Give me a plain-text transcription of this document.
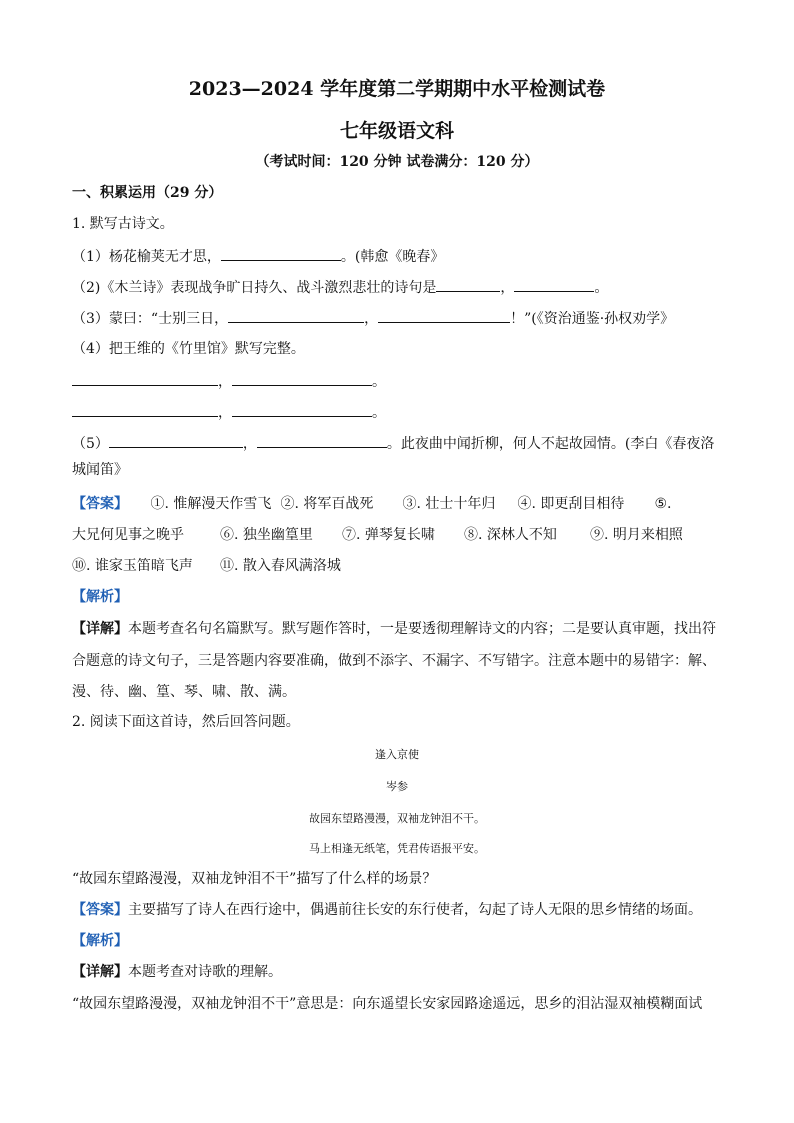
2023—2024 学年度第二学期期中水平检测试卷
七年级语文科
（考试时间：120 分钟 试卷满分：120 分）
一、积累运用（29 分）
1. 默写古诗文。
（1）杨花榆荚无才思，	。(韩愈《晚春》
（2)《木兰诗》表现战争旷日持久、战斗激烈悲壮的诗句是	，	。
（3）蒙曰：“士别三日，	，	！”(《资治通鉴·孙权劝学》
（4）把王维的《竹里馆》默写完整。
，	。
，	。
（5）	，	。此夜曲中闻折柳，何人不起故园情。(李白《春夜洛
城闻笛》
【答案】 ①. 惟解漫天作雪飞 ②. 将军百战死 ③. 壮士十年归 ④. 即更刮目相待 ⑤.
大兄何见事之晚乎	⑥. 独坐幽篁里 ⑦. 弹琴复长啸 ⑧. 深林人不知 ⑨. 明月来相照
⑩. 谁家玉笛暗飞声 ⑪. 散入春风满洛城
【解析】
【详解】本题考查名句名篇默写。默写题作答时，一是要透彻理解诗文的内容；二是要认真审题，找出符
合题意的诗文句子，三是答题内容要准确，做到不添字、不漏字、不写错字。注意本题中的易错字：解、
漫、待、幽、篁、琴、啸、散、满。
2. 阅读下面这首诗，然后回答问题。
逢入京使
岑参
故园东望路漫漫，双袖龙钟泪不干。
马上相逢无纸笔，凭君传语报平安。
“故园东望路漫漫，双袖龙钟泪不干”描写了什么样的场景？
【答案】主要描写了诗人在西行途中，偶遇前往长安的东行使者，勾起了诗人无限的思乡情绪的场面。
【解析】
【详解】本题考查对诗歌的理解。
“故园东望路漫漫，双袖龙钟泪不干”意思是：向东遥望长安家园路途遥远，思乡的泪沾湿双袖模糊面试
